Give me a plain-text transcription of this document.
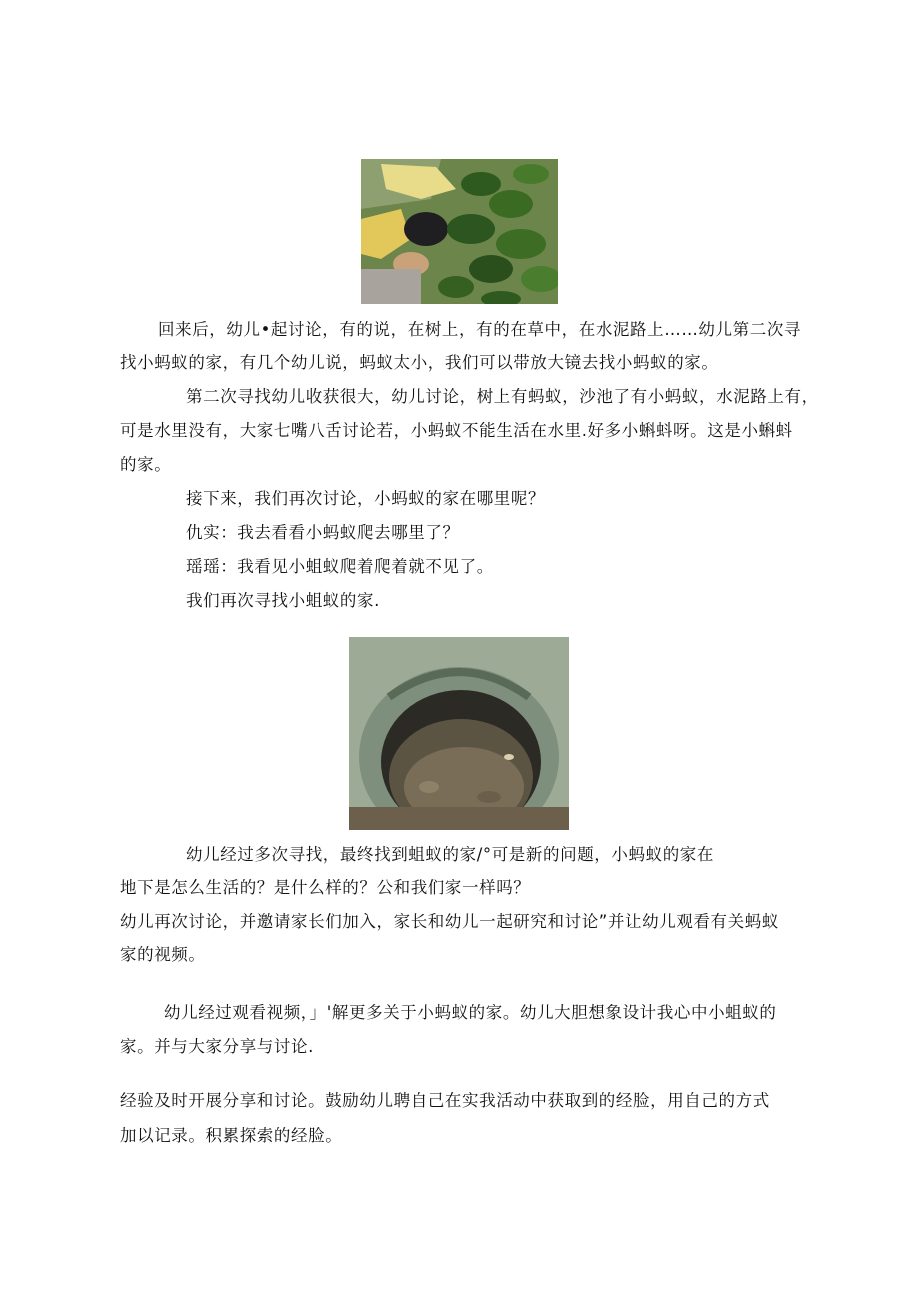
回来后，幼儿•起讨论，有的说，在树上，有的在草中，在水泥路上……幼儿第二次寻
找小蚂蚁的家，有几个幼儿说，蚂蚁太小，我们可以带放大镜去找小蚂蚁的家。
第二次寻找幼儿收获很大，幼儿讨论，树上有蚂蚁，沙池了有小蚂蚁，水泥路上有，
可是水里没有，大家七嘴八舌讨论若，小蚂蚁不能生活在水里.好多小蝌蚪呀。这是小蝌蚪
的家。
接下来，我们再次讨论，小蚂蚁的家在哪里呢？
仇实：我去看看小蚂蚁爬去哪里了？
瑶瑶：我看见小蛆蚁爬着爬着就不见了。
我们再次寻找小蛆蚁的家.
幼儿经过多次寻找，最终找到蛆蚁的家/°可是新的问题，小蚂蚁的家在
地下是怎么生活的？是什么样的？公和我们家一样吗？
幼儿再次讨论，并邀请家长们加入，家长和幼儿一起研究和讨论”并让幼儿观看有关蚂蚁
家的视频。
幼儿经过观看视频，」'解更多关于小蚂蚁的家。幼儿大胆想象设计我心中小蛆蚁的
家。并与大家分享与讨论.
经验及时开展分享和讨论。鼓励幼儿聘自己在实我活动中获取到的经脸，用自己的方式
加以记录。积累探索的经脸。
